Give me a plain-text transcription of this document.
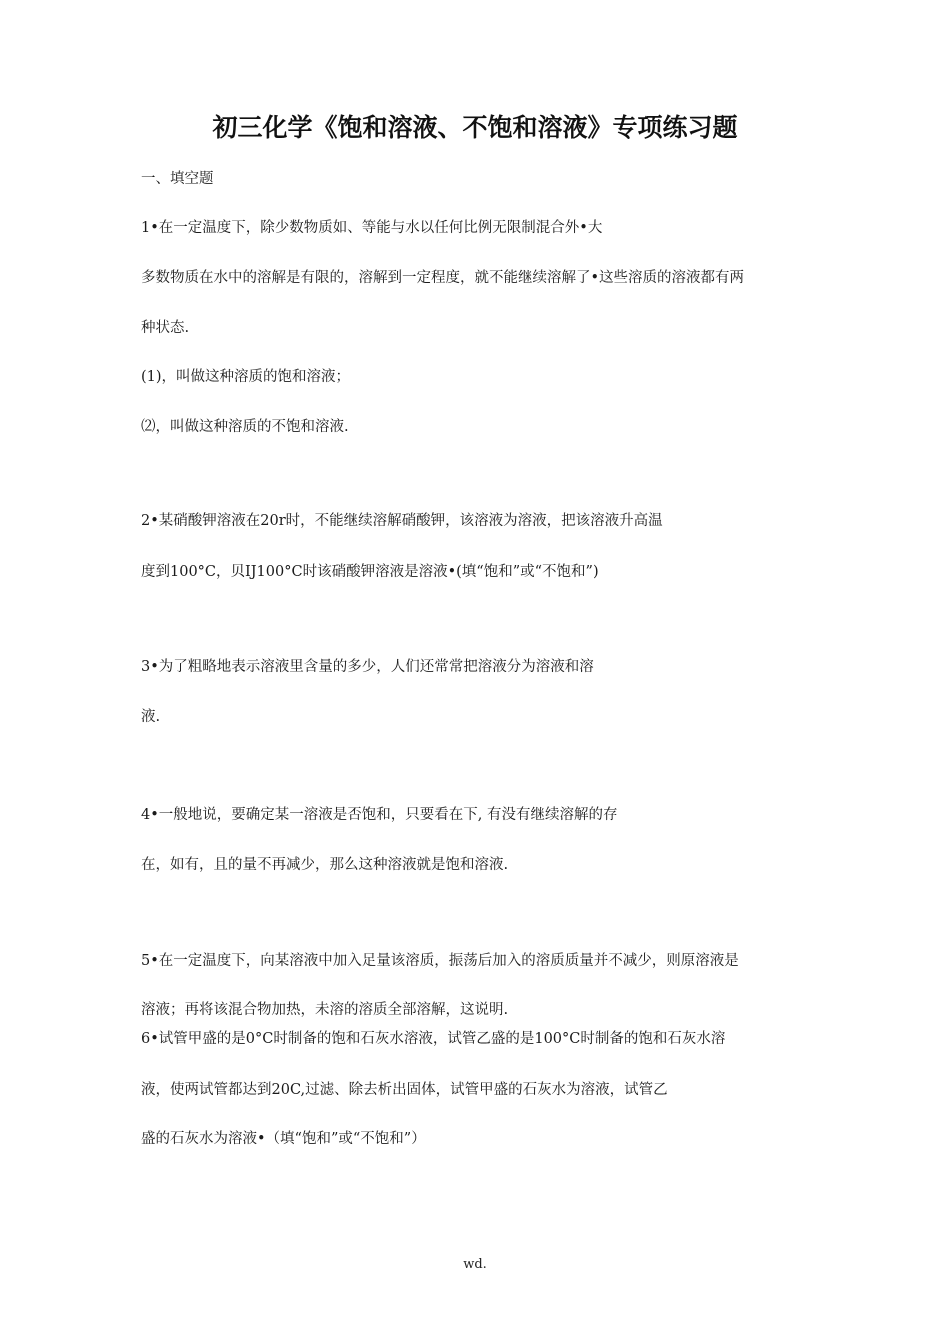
初三化学《饱和溶液、不饱和溶液》专项练习题
一、填空题
1•在一定温度下，除少数物质如、等能与水以任何比例无限制混合外•大
多数物质在水中的溶解是有限的，溶解到一定程度，就不能继续溶解了•这些溶质的溶液都有两
种状态.
(1)，叫做这种溶质的饱和溶液；
⑵，叫做这种溶质的不饱和溶液.
2•某硝酸钾溶液在20r时，不能继续溶解硝酸钾，该溶液为溶液，把该溶液升高温
度到100°C，贝IJ100°C时该硝酸钾溶液是溶液•(填“饱和”或“不饱和”)
3•为了粗略地表示溶液里含量的多少，人们还常常把溶液分为溶液和溶
液.
4•一般地说，要确定某一溶液是否饱和，只要看在下, 有没有继续溶解的存
在，如有，且的量不再减少，那么这种溶液就是饱和溶液.
5•在一定温度下，向某溶液中加入足量该溶质，振荡后加入的溶质质量并不减少，则原溶液是
溶液；再将该混合物加热，未溶的溶质全部溶解，这说明.
6•试管甲盛的是0°C时制备的饱和石灰水溶液，试管乙盛的是100°C时制备的饱和石灰水溶
液，使两试管都达到20C,过滤、除去析出固体，试管甲盛的石灰水为溶液，试管乙
盛的石灰水为溶液•（填“饱和”或“不饱和”）
wd.
